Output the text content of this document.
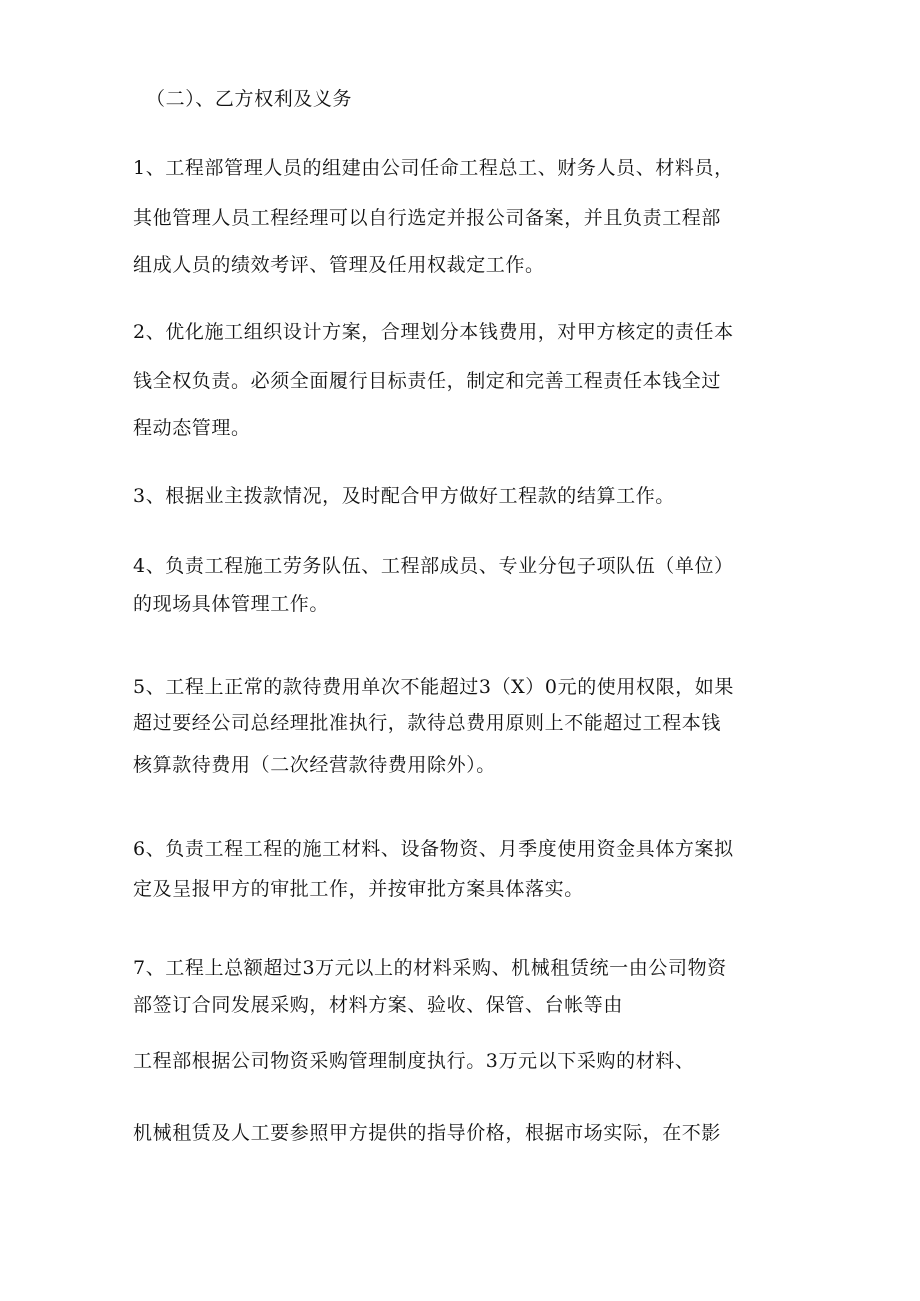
（二）、乙方权利及义务
1、工程部管理人员的组建由公司任命工程总工、财务人员、材料员，
其他管理人员工程经理可以自行选定并报公司备案，并且负责工程部
组成人员的绩效考评、管理及任用权裁定工作。
2、优化施工组织设计方案，合理划分本钱费用，对甲方核定的责任本
钱全权负责。必须全面履行目标责任，制定和完善工程责任本钱全过
程动态管理。
3、根据业主拨款情况，及时配合甲方做好工程款的结算工作。
4、负责工程施工劳务队伍、工程部成员、专业分包子项队伍（单位）
的现场具体管理工作。
5、工程上正常的款待费用单次不能超过3（X）0元的使用权限，如果
超过要经公司总经理批准执行，款待总费用原则上不能超过工程本钱
核算款待费用（二次经营款待费用除外）。
6、负责工程工程的施工材料、设备物资、月季度使用资金具体方案拟
定及呈报甲方的审批工作，并按审批方案具体落实。
7、工程上总额超过3万元以上的材料采购、机械租赁统一由公司物资
部签订合同发展采购，材料方案、验收、保管、台帐等由
工程部根据公司物资采购管理制度执行。3万元以下采购的材料、
机械租赁及人工要参照甲方提供的指导价格，根据市场实际，在不影
